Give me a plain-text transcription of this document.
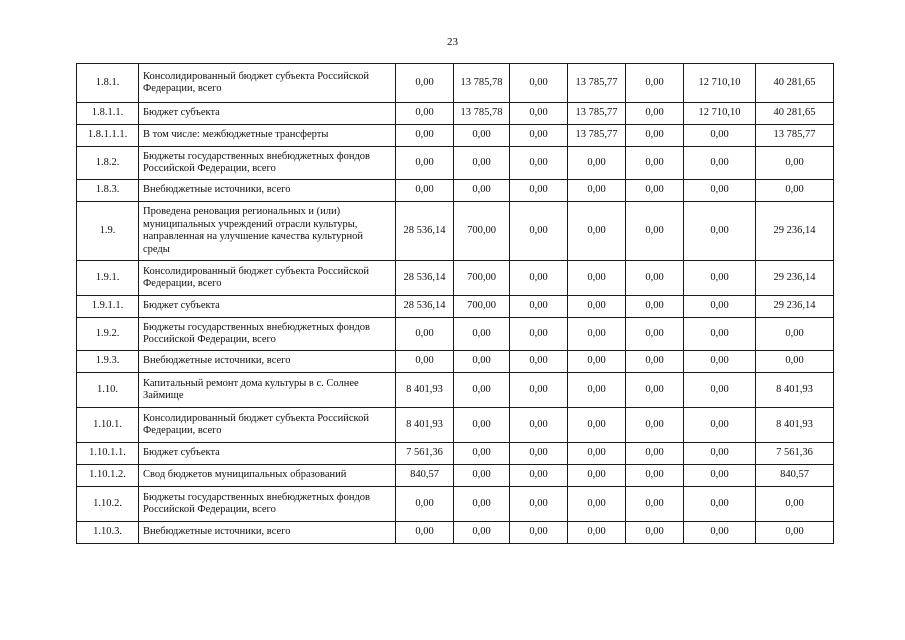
23
1.8.1.	Консолидированный бюджет субъекта Российской Федерации, всего	0,00	13 785,78	0,00	13 785,77	0,00	12 710,10	40 281,65
1.8.1.1.	Бюджет субъекта	0,00	13 785,78	0,00	13 785,77	0,00	12 710,10	40 281,65
1.8.1.1.1.	В том числе: межбюджетные трансферты	0,00	0,00	0,00	13 785,77	0,00	0,00	13 785,77
1.8.2.	Бюджеты государственных внебюджетных фондов Российской Федерации, всего	0,00	0,00	0,00	0,00	0,00	0,00	0,00
1.8.3.	Внебюджетные источники, всего	0,00	0,00	0,00	0,00	0,00	0,00	0,00
1.9.	Проведена реновация региональных и (или) муниципальных учреждений отрасли культуры, направленная на улучшение качества культурной среды	28 536,14	700,00	0,00	0,00	0,00	0,00	29 236,14
1.9.1.	Консолидированный бюджет субъекта Российской Федерации, всего	28 536,14	700,00	0,00	0,00	0,00	0,00	29 236,14
1.9.1.1.	Бюджет субъекта	28 536,14	700,00	0,00	0,00	0,00	0,00	29 236,14
1.9.2.	Бюджеты государственных внебюджетных фондов Российской Федерации, всего	0,00	0,00	0,00	0,00	0,00	0,00	0,00
1.9.3.	Внебюджетные источники, всего	0,00	0,00	0,00	0,00	0,00	0,00	0,00
1.10.	Капитальный ремонт дома культуры в с. Солнее Займище	8 401,93	0,00	0,00	0,00	0,00	0,00	8 401,93
1.10.1.	Консолидированный бюджет субъекта Российской Федерации, всего	8 401,93	0,00	0,00	0,00	0,00	0,00	8 401,93
1.10.1.1.	Бюджет субъекта	7 561,36	0,00	0,00	0,00	0,00	0,00	7 561,36
1.10.1.2.	Свод бюджетов муниципальных образований	840,57	0,00	0,00	0,00	0,00	0,00	840,57
1.10.2.	Бюджеты государственных внебюджетных фондов Российской Федерации, всего	0,00	0,00	0,00	0,00	0,00	0,00	0,00
1.10.3.	Внебюджетные источники, всего	0,00	0,00	0,00	0,00	0,00	0,00	0,00
